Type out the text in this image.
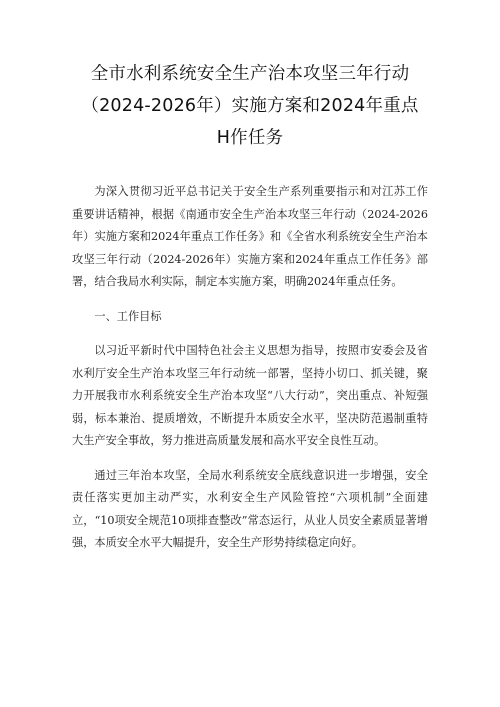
全市水利系统安全生产治本攻坚三年行动
（2024-2026年）实施方案和2024年重点
H作任务

为深入贯彻习近平总书记关于安全生产系列重要指示和对江苏工作重要讲话精神，根据《南通市安全生产治本攻坚三年行动（2024-2026年）实施方案和2024年重点工作任务》和《全省水利系统安全生产治本攻坚三年行动（2024-2026年）实施方案和2024年重点工作任务》部署，结合我局水利实际，制定本实施方案，明确2024年重点任务。

一、工作目标

以习近平新时代中国特色社会主义思想为指导，按照市安委会及省水利厅安全生产治本攻坚三年行动统一部署，坚持小切口、抓关键，聚力开展我市水利系统安全生产治本攻坚“八大行动”，突出重点、补短强弱，标本兼治、提质增效，不断提升本质安全水平，坚决防范遏制重特大生产安全事故，努力推进高质量发展和高水平安全良性互动。

通过三年治本攻坚，全局水利系统安全底线意识进一步增强，安全责任落实更加主动严实，水利安全生产风险管控“六项机制”全面建立，“10项安全规范10项排查整改”常态运行，从业人员安全素质显著增强，本质安全水平大幅提升，安全生产形势持续稳定向好。
